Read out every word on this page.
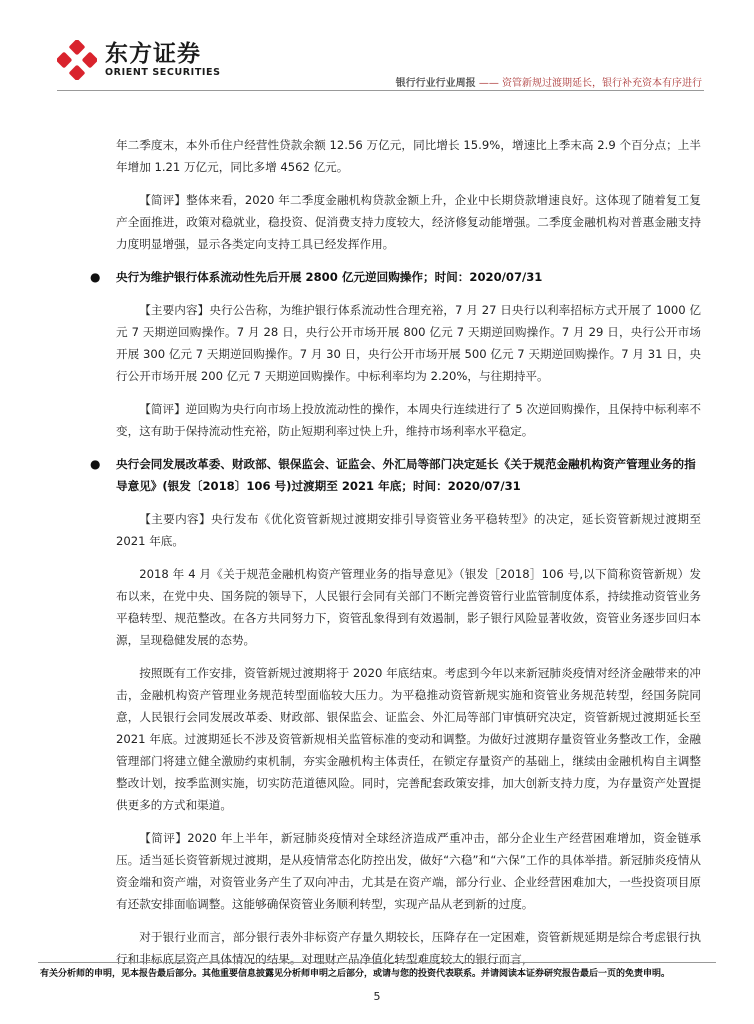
东方证券
ORIENT SECURITIES
银行行业行业周报 —— 资管新规过渡期延长，银行补充资本有序进行

年二季度末，本外币住户经营性贷款余额 12.56 万亿元，同比增长 15.9%，增速比上季末高 2.9 个百分点；上半年增加 1.21 万亿元，同比多增 4562 亿元。

【简评】整体来看，2020 年二季度金融机构贷款金额上升，企业中长期贷款增速良好。这体现了随着复工复产全面推进，政策对稳就业，稳投资、促消费支持力度较大，经济修复动能增强。二季度金融机构对普惠金融支持力度明显增强，显示各类定向支持工具已经发挥作用。

●	央行为维护银行体系流动性先后开展 2800 亿元逆回购操作；时间：2020/07/31

【主要内容】央行公告称，为维护银行体系流动性合理充裕，7 月 27 日央行以利率招标方式开展了 1000 亿元 7 天期逆回购操作。7 月 28 日，央行公开市场开展 800 亿元 7 天期逆回购操作。7 月 29 日，央行公开市场开展 300 亿元 7 天期逆回购操作。7 月 30 日，央行公开市场开展 500 亿元 7 天期逆回购操作。7 月 31 日，央行公开市场开展 200 亿元 7 天期逆回购操作。中标利率均为 2.20%，与往期持平。

【简评】逆回购为央行向市场上投放流动性的操作，本周央行连续进行了 5 次逆回购操作，且保持中标利率不变，这有助于保持流动性充裕，防止短期利率过快上升，维持市场利率水平稳定。

●	央行会同发展改革委、财政部、银保监会、证监会、外汇局等部门决定延长《关于规范金融机构资产管理业务的指导意见》(银发〔2018〕106 号)过渡期至 2021 年底；时间：2020/07/31

【主要内容】央行发布《优化资管新规过渡期安排引导资管业务平稳转型》的决定，延长资管新规过渡期至 2021 年底。

2018 年 4 月《关于规范金融机构资产管理业务的指导意见》（银发［2018］106 号,以下简称资管新规）发布以来，在党中央、国务院的领导下，人民银行会同有关部门不断完善资管行业监管制度体系，持续推动资管业务平稳转型、规范整改。在各方共同努力下，资管乱象得到有效遏制，影子银行风险显著收敛，资管业务逐步回归本源，呈现稳健发展的态势。

按照既有工作安排，资管新规过渡期将于 2020 年底结束。考虑到今年以来新冠肺炎疫情对经济金融带来的冲击，金融机构资产管理业务规范转型面临较大压力。为平稳推动资管新规实施和资管业务规范转型，经国务院同意，人民银行会同发展改革委、财政部、银保监会、证监会、外汇局等部门审慎研究决定，资管新规过渡期延长至 2021 年底。过渡期延长不涉及资管新规相关监管标准的变动和调整。为做好过渡期存量资管业务整改工作，金融管理部门将建立健全激励约束机制，夯实金融机构主体责任，在锁定存量资产的基础上，继续由金融机构自主调整整改计划，按季监测实施，切实防范道德风险。同时，完善配套政策安排，加大创新支持力度，为存量资产处置提供更多的方式和渠道。

【简评】2020 年上半年，新冠肺炎疫情对全球经济造成严重冲击，部分企业生产经营困难增加，资金链承压。适当延长资管新规过渡期，是从疫情常态化防控出发，做好“六稳”和“六保”工作的具体举措。新冠肺炎疫情从资金端和资产端，对资管业务产生了双向冲击，尤其是在资产端，部分行业、企业经营困难加大，一些投资项目原有还款安排面临调整。这能够确保资管业务顺利转型，实现产品从老到新的过度。

对于银行业而言，部分银行表外非标资产存量久期较长，压降存在一定困难，资管新规延期是综合考虑银行执行和非标底层资产具体情况的结果。对理财产品净值化转型难度较大的银行而言，

有关分析师的申明，见本报告最后部分。其他重要信息披露见分析师申明之后部分，或请与您的投资代表联系。并请阅读本证券研究报告最后一页的免责申明。
5
